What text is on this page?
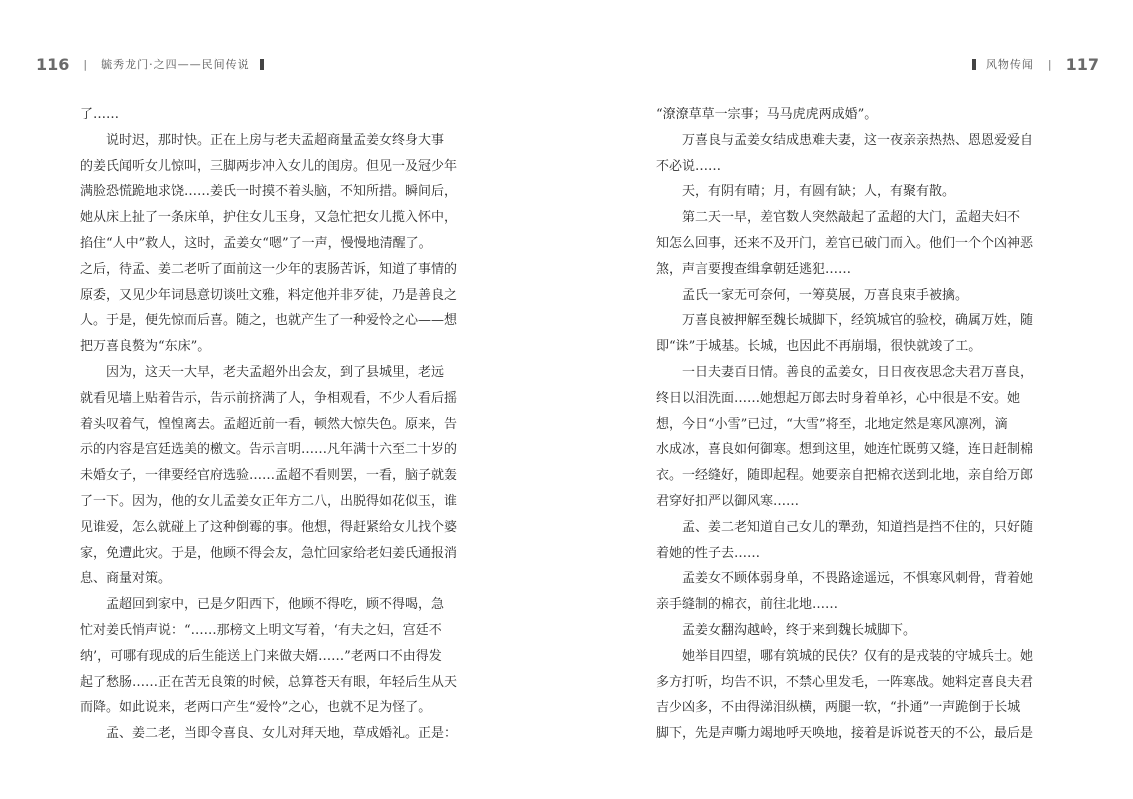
116 | 毓秀龙门·之四——民间传说
了……
说时迟，那时快。正在上房与老夫孟超商量孟姜女终身大事
的姜氏闻听女儿惊叫，三脚两步冲入女儿的闺房。但见一及冠少年
满脸恐慌跪地求饶……姜氏一时摸不着头脑，不知所措。瞬间后，
她从床上扯了一条床单，护住女儿玉身，又急忙把女儿揽入怀中，
掐住“人中”救人，这时，孟姜女“嗯”了一声，慢慢地清醒了。
之后，待孟、姜二老听了面前这一少年的衷肠苦诉，知道了事情的
原委，又见少年词恳意切谈吐文雅，料定他并非歹徒，乃是善良之
人。于是，便先惊而后喜。随之，也就产生了一种爱怜之心——想
把万喜良赘为“东床”。
因为，这天一大早，老夫孟超外出会友，到了县城里，老远
就看见墙上贴着告示，告示前挤满了人，争相观看，不少人看后摇
着头叹着气，惶惶离去。孟超近前一看，顿然大惊失色。原来，告
示的内容是宫廷选美的檄文。告示言明……凡年满十六至二十岁的
未婚女子，一律要经官府选验……孟超不看则罢，一看，脑子就轰
了一下。因为，他的女儿孟姜女正年方二八，出脱得如花似玉，谁
见谁爱，怎么就碰上了这种倒霉的事。他想，得赶紧给女儿找个婆
家，免遭此灾。于是，他顾不得会友，急忙回家给老妇姜氏通报消
息、商量对策。
孟超回到家中，已是夕阳西下，他顾不得吃，顾不得喝，急
忙对姜氏悄声说：“……那榜文上明文写着，‘有夫之妇，宫廷不
纳’，可哪有现成的后生能送上门来做夫婿……”老两口不由得发
起了愁肠……正在苦无良策的时候，总算苍天有眼，年轻后生从天
而降。如此说来，老两口产生“爱怜”之心，也就不足为怪了。
孟、姜二老，当即令喜良、女儿对拜天地，草成婚礼。正是：
风物传闻 | 117
“潦潦草草一宗事；马马虎虎两成婚”。
万喜良与孟姜女结成患难夫妻，这一夜亲亲热热、恩恩爱爱自
不必说……
天，有阴有晴；月，有圆有缺；人，有聚有散。
第二天一早，差官数人突然敲起了孟超的大门，孟超夫妇不
知怎么回事，还来不及开门，差官已破门而入。他们一个个凶神恶
煞，声言要搜查缉拿朝廷逃犯……
孟氏一家无可奈何，一筹莫展，万喜良束手被擒。
万喜良被押解至魏长城脚下，经筑城官的验校，确属万姓，随
即“诛”于城基。长城，也因此不再崩塌，很快就竣了工。
一日夫妻百日情。善良的孟姜女，日日夜夜思念夫君万喜良，
终日以泪洗面……她想起万郎去时身着单衫，心中很是不安。她
想，今日“小雪”已过，“大雪”将至，北地定然是寒风凛冽，滴
水成冰，喜良如何御寒。想到这里，她连忙既剪又缝，连日赶制棉
衣。一经缝好，随即起程。她要亲自把棉衣送到北地，亲自给万郎
君穿好扣严以御风寒……
孟、姜二老知道自己女儿的犟劲，知道挡是挡不住的，只好随
着她的性子去……
孟姜女不顾体弱身单，不畏路途遥远，不惧寒风刺骨，背着她
亲手缝制的棉衣，前往北地……
孟姜女翻沟越岭，终于来到魏长城脚下。
她举目四望，哪有筑城的民伕？仅有的是戎装的守城兵士。她
多方打听，均告不识，不禁心里发毛，一阵寒战。她料定喜良夫君
吉少凶多，不由得涕泪纵横，两腿一软，“扑通”一声跪倒于长城
脚下，先是声嘶力竭地呼天唤地，接着是诉说苍天的不公，最后是
